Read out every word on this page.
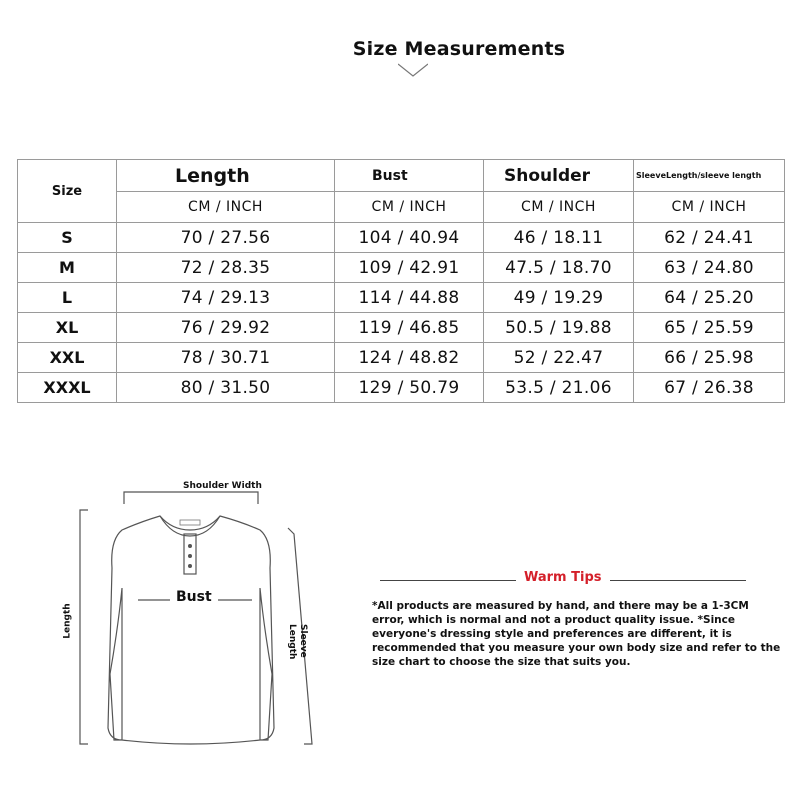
Size Measurements
Size	Length	Bust	Shoulder	SleeveLength/sleeve length
	CM / INCH	CM / INCH	CM / INCH	CM / INCH
S	70 / 27.56	104 / 40.94	46 / 18.11	62 / 24.41
M	72 / 28.35	109 / 42.91	47.5 / 18.70	63 / 24.80
L	74 / 29.13	114 / 44.88	49 / 19.29	64 / 25.20
XL	76 / 29.92	119 / 46.85	50.5 / 19.88	65 / 25.59
XXL	78 / 30.71	124 / 48.82	52 / 22.47	66 / 25.98
XXXL	80 / 31.50	129 / 50.79	53.5 / 21.06	67 / 26.38
Shoulder Width
Bust
Length
Sleeve
Length
Warm Tips
*All products are measured by hand, and there may be a 1-3CM error, which is normal and not a product quality issue. *Since everyone's dressing style and preferences are different, it is recommended that you measure your own body size and refer to the size chart to choose the size that suits you.
